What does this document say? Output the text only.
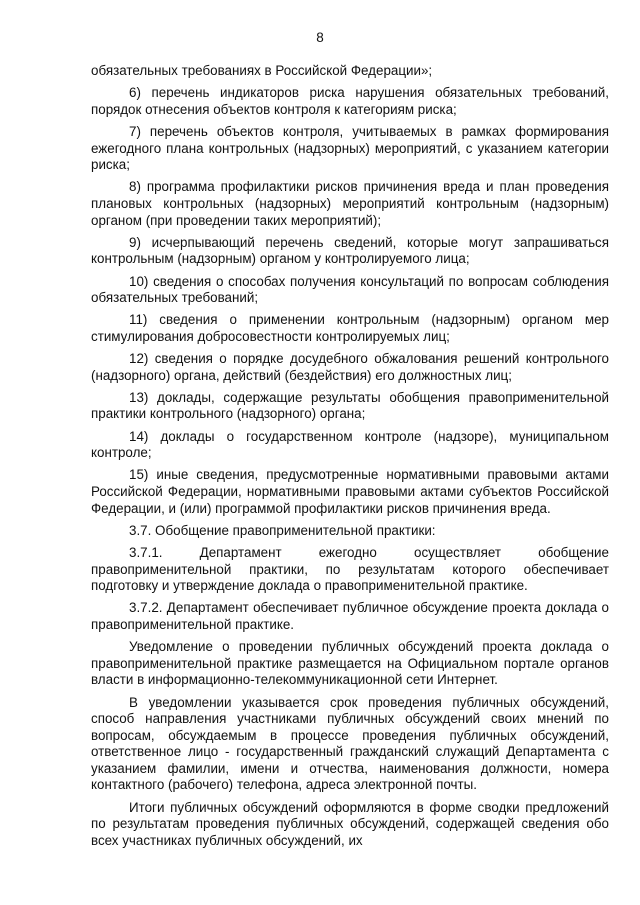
8

обязательных требованиях в Российской Федерации»;

6) перечень индикаторов риска нарушения обязательных требований, порядок отнесения объектов контроля к категориям риска;

7) перечень объектов контроля, учитываемых в рамках формирования ежегодного плана контрольных (надзорных) мероприятий, с указанием категории риска;

8) программа профилактики рисков причинения вреда и план проведения плановых контрольных (надзорных) мероприятий контрольным (надзорным) органом (при проведении таких мероприятий);

9) исчерпывающий перечень сведений, которые могут запрашиваться контрольным (надзорным) органом у контролируемого лица;

10) сведения о способах получения консультаций по вопросам соблюдения обязательных требований;

11) сведения о применении контрольным (надзорным) органом мер стимулирования добросовестности контролируемых лиц;

12) сведения о порядке досудебного обжалования решений контрольного (надзорного) органа, действий (бездействия) его должностных лиц;

13) доклады, содержащие результаты обобщения правоприменительной практики контрольного (надзорного) органа;

14) доклады о государственном контроле (надзоре), муниципальном контроле;

15) иные сведения, предусмотренные нормативными правовыми актами Российской Федерации, нормативными правовыми актами субъектов Российской Федерации, и (или) программой профилактики рисков причинения вреда.

3.7. Обобщение правоприменительной практики:

3.7.1. Департамент ежегодно осуществляет обобщение правоприменительной практики, по результатам которого обеспечивает подготовку и утверждение доклада о правоприменительной практике.

3.7.2. Департамент обеспечивает публичное обсуждение проекта доклада о правоприменительной практике.

Уведомление о проведении публичных обсуждений проекта доклада о правоприменительной практике размещается на Официальном портале органов власти в информационно-телекоммуникационной сети Интернет.

В уведомлении указывается срок проведения публичных обсуждений, способ направления участниками публичных обсуждений своих мнений по вопросам, обсуждаемым в процессе проведения публичных обсуждений, ответственное лицо - государственный гражданский служащий Департамента с указанием фамилии, имени и отчества, наименования должности, номера контактного (рабочего) телефона, адреса электронной почты.

Итоги публичных обсуждений оформляются в форме сводки предложений по результатам проведения публичных обсуждений, содержащей сведения обо всех участниках публичных обсуждений, их
